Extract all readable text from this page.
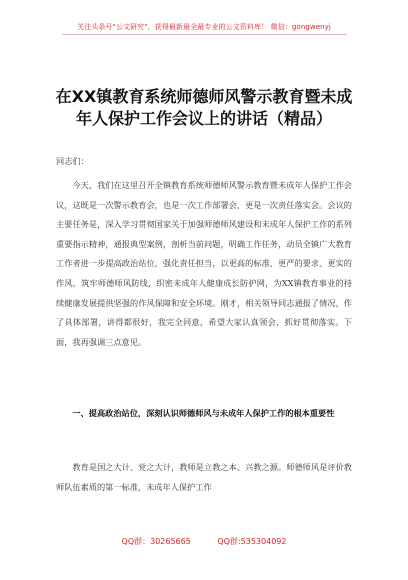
关注头条号"公文研究"，获得最新最全最专业的公文资料库！ 微信：gongwenyj
在XX镇教育系统师德师风警示教育暨未成年人保护工作会议上的讲话（精品）
同志们：
今天，我们在这里召开全镇教育系统师德师风警示教育暨未成年人保护工作会议，这既是一次警示教育会，也是一次工作部署会，更是一次责任落实会。会议的主要任务是，深入学习贯彻国家关于加强师德师风建设和未成年人保护工作的系列重要指示精神，通报典型案例，剖析当前问题，明确工作任务，动员全镇广大教育工作者进一步提高政治站位，强化责任担当，以更高的标准、更严的要求、更实的作风，筑牢师德师风防线，织密未成年人健康成长防护网，为XX镇教育事业的持续健康发展提供坚强的作风保障和安全环境。刚才，相关领导同志通报了情况，作了具体部署，讲得都很好，我完全同意，希望大家认真领会，抓好贯彻落实。下面，我再强调三点意见。
一、提高政治站位，深刻认识师德师风与未成年人保护工作的根本重要性
教育是国之大计、党之大计，教师是立教之本、兴教之源。师德师风是评价教师队伍素质的第一标准，未成年人保护工作
QQ群：30265665	QQ群:535304092
